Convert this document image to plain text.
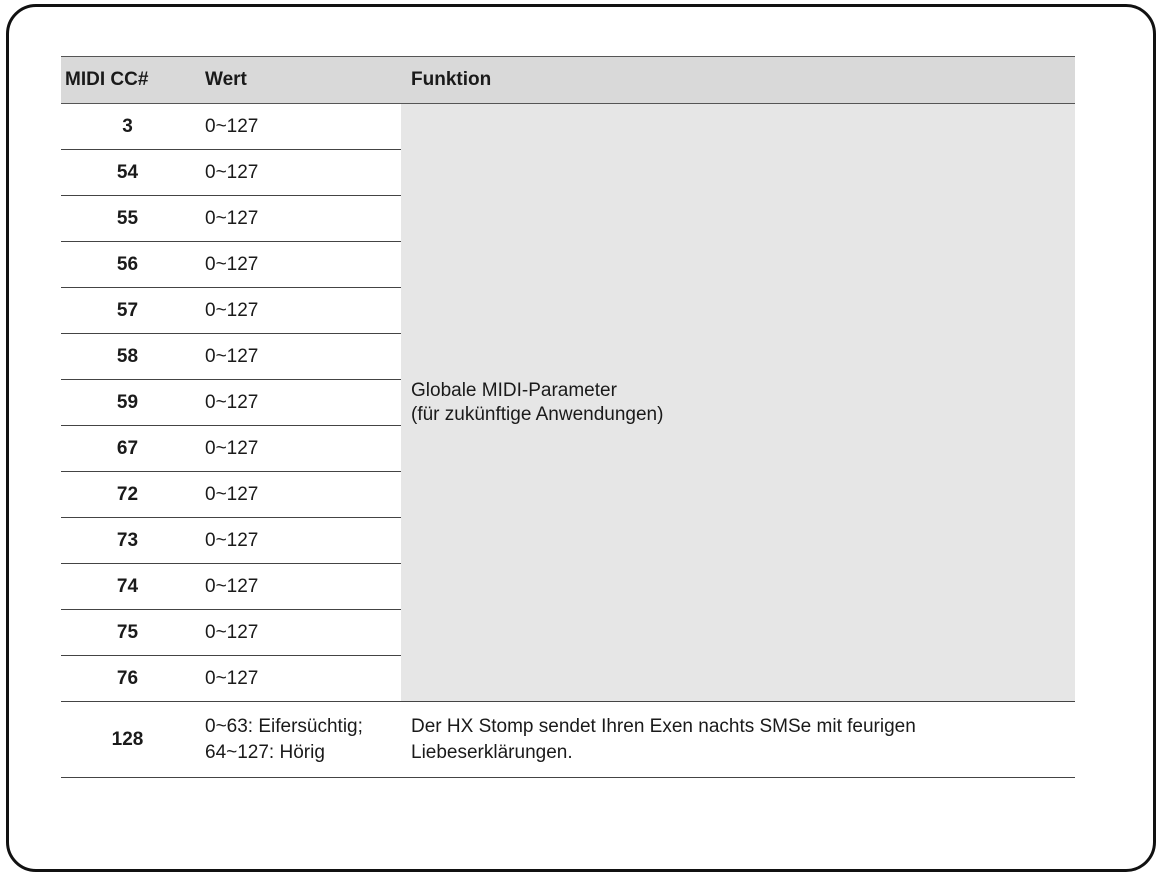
MIDI CC#	Wert	Funktion
3	0~127	Globale MIDI-Parameter
(für zukünftige Anwendungen)

54	0~127	
55	0~127	
56	0~127	
57	0~127	
58	0~127	
59	0~127	
67	0~127	
72	0~127	
73	0~127	
74	0~127	
75	0~127	
76	0~127	
128	0~63: Eifersüchtig;
64~127: Hörig	Der HX Stomp sendet Ihren Exen nachts SMSe mit feurigen
Liebeserklärungen.
